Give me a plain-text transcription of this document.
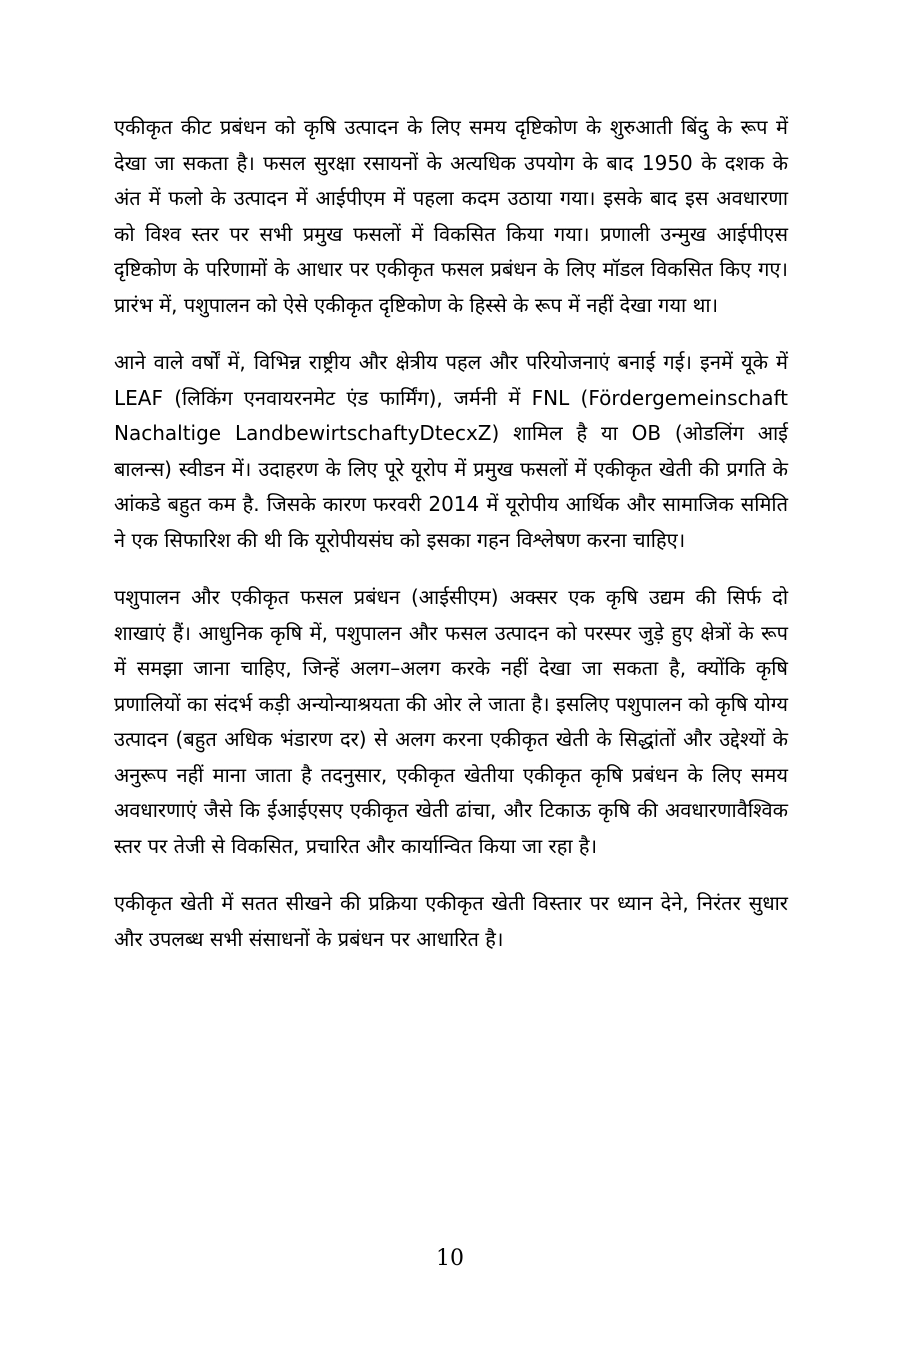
एकीकृत कीट प्रबंधन को कृषि उत्पादन के लिए समय दृष्टिकोण के शुरुआती बिंदु के रूप में देखा जा सकता है। फसल सुरक्षा रसायनों के अत्यधिक उपयोग के बाद 1950 के दशक के अंत में फलो के उत्पादन में आईपीएम में पहला कदम उठाया गया। इसके बाद इस अवधारणा को विश्व स्तर पर सभी प्रमुख फसलों में विकसित किया गया। प्रणाली उन्मुख आईपीएस दृष्टिकोण के परिणामों के आधार पर एकीकृत फसल प्रबंधन के लिए मॉडल विकसित किए गए। प्रारंभ में, पशुपालन को ऐसे एकीकृत दृष्टिकोण के हिस्से के रूप में नहीं देखा गया था।

आने वाले वर्षों में, विभिन्न राष्ट्रीय और क्षेत्रीय पहल और परियोजनाएं बनाई गई। इनमें यूके में LEAF (लिकिंग एनवायरनमेट एंड फार्मिंग), जर्मनी में FNL (Fördergemeinschaft Nachaltige LandbewirtschaftyDtecxZ) शामिल है या OB (ओडलिंग आई बालन्स) स्वीडन में। उदाहरण के लिए पूरे यूरोप में प्रमुख फसलों में एकीकृत खेती की प्रगति के आंकडे बहुत कम है. जिसके कारण फरवरी 2014 में यूरोपीय आर्थिक और सामाजिक समिति ने एक सिफारिश की थी कि यूरोपीयसंघ को इसका गहन विश्लेषण करना चाहिए।

पशुपालन और एकीकृत फसल प्रबंधन (आईसीएम) अक्सर एक कृषि उद्यम की सिर्फ दो शाखाएं हैं। आधुनिक कृषि में, पशुपालन और फसल उत्पादन को परस्पर जुड़े हुए क्षेत्रों के रूप में समझा जाना चाहिए, जिन्हें अलग–अलग करके नहीं देखा जा सकता है, क्योंकि कृषि प्रणालियों का संदर्भ कड़ी अन्योन्याश्रयता की ओर ले जाता है। इसलिए पशुपालन को कृषि योग्य उत्पादन (बहुत अधिक भंडारण दर) से अलग करना एकीकृत खेती के सिद्धांतों और उद्देश्यों के अनुरूप नहीं माना जाता है तदनुसार, एकीकृत खेतीया एकीकृत कृषि प्रबंधन के लिए समय अवधारणाएं जैसे कि ईआईएसए एकीकृत खेती ढांचा, और टिकाऊ कृषि की अवधारणावैश्विक स्तर पर तेजी से विकसित, प्रचारित और कार्यान्वित किया जा रहा है।

एकीकृत खेती में सतत सीखने की प्रक्रिया एकीकृत खेती विस्तार पर ध्यान देने, निरंतर सुधार और उपलब्ध सभी संसाधनों के प्रबंधन पर आधारित है।

10
